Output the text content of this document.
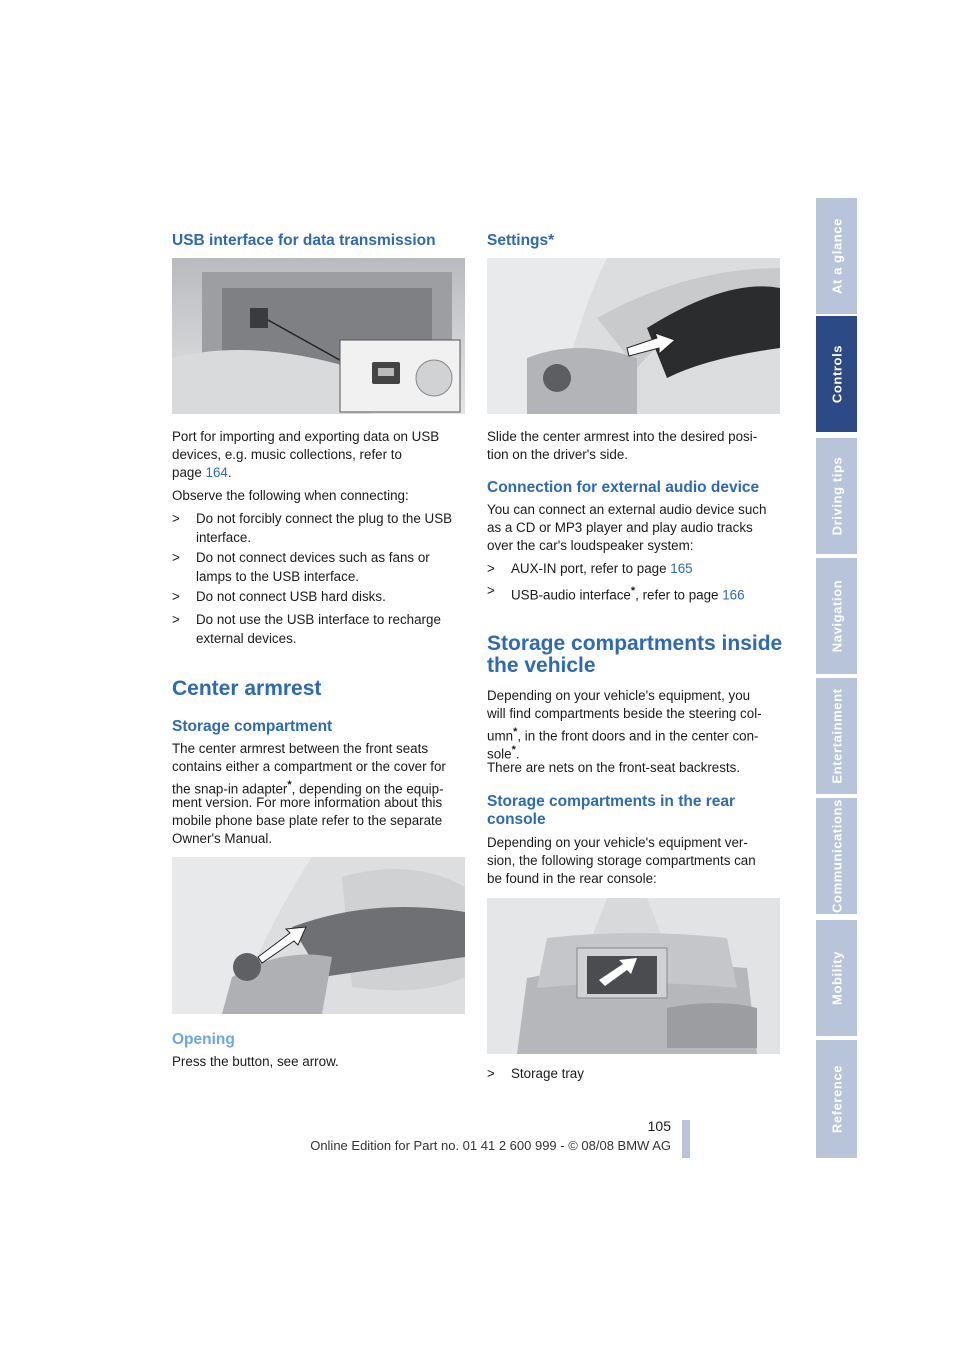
At a glance
Controls
Driving tips
Navigation
Entertainment
Communications
Mobility
Reference
USB interface for data transmission

Port for importing and exporting data on USB

devices, e.g. music collections, refer to

page 164.

Observe the following when connecting:

> Do not forcibly connect the plug to the USB
interface.
> Do not connect devices such as fans or
lamps to the USB interface.
> Do not connect USB hard disks.
> Do not use the USB interface to recharge
external devices.
Center armrest
Storage compartment

The center armrest between the front seats

contains either a compartment or the cover for

the snap-in adapter*, depending on the equip-

ment version. For more information about this

mobile phone base plate refer to the separate

Owner's Manual.

Opening

Press the button, see arrow.

Settings*

Slide the center armrest into the desired posi-

tion on the driver's side.

Connection for external audio device

You can connect an external audio device such

as a CD or MP3 player and play audio tracks

over the car's loudspeaker system:

> AUX-IN port, refer to page 165
> USB-audio interface*, refer to page 166
Storage compartments inside
the vehicle

Depending on your vehicle's equipment, you

will find compartments beside the steering col-

umn*, in the front doors and in the center con-

sole*.

There are nets on the front-seat backrests.

Storage compartments in the rear
console

Depending on your vehicle's equipment ver-

sion, the following storage compartments can

be found in the rear console:

> Storage tray
105
Online Edition for Part no. 01 41 2 600 999 - © 08/08 BMW AG
